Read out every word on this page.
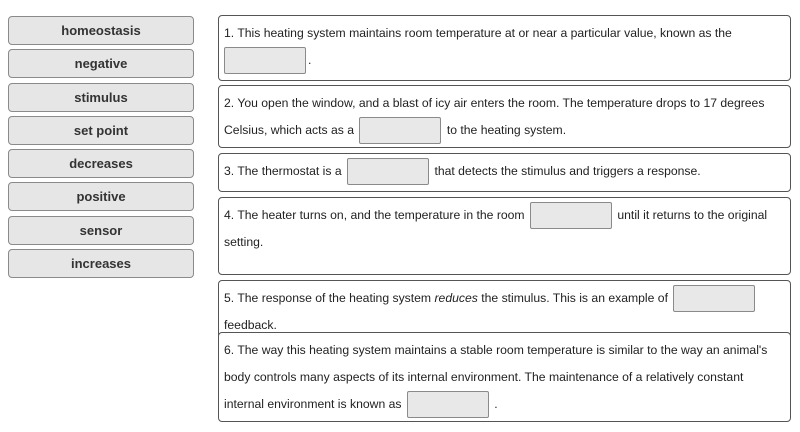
homeostasis
negative
stimulus
set point
decreases
positive
sensor
increases
1. This heating system maintains room temperature at or near a particular value, known as the
.
2. You open the window, and a blast of icy air enters the room. The temperature drops to 17 degrees
Celsius, which acts as a	to the heating system.
3. The thermostat is a	that detects the stimulus and triggers a response.
4. The heater turns on, and the temperature in the room	until it returns to the original
setting.
5. The response of the heating system reduces the stimulus. This is an example of
feedback.
6. The way this heating system maintains a stable room temperature is similar to the way an animal's
body controls many aspects of its internal environment. The maintenance of a relatively constant
internal environment is known as	.
